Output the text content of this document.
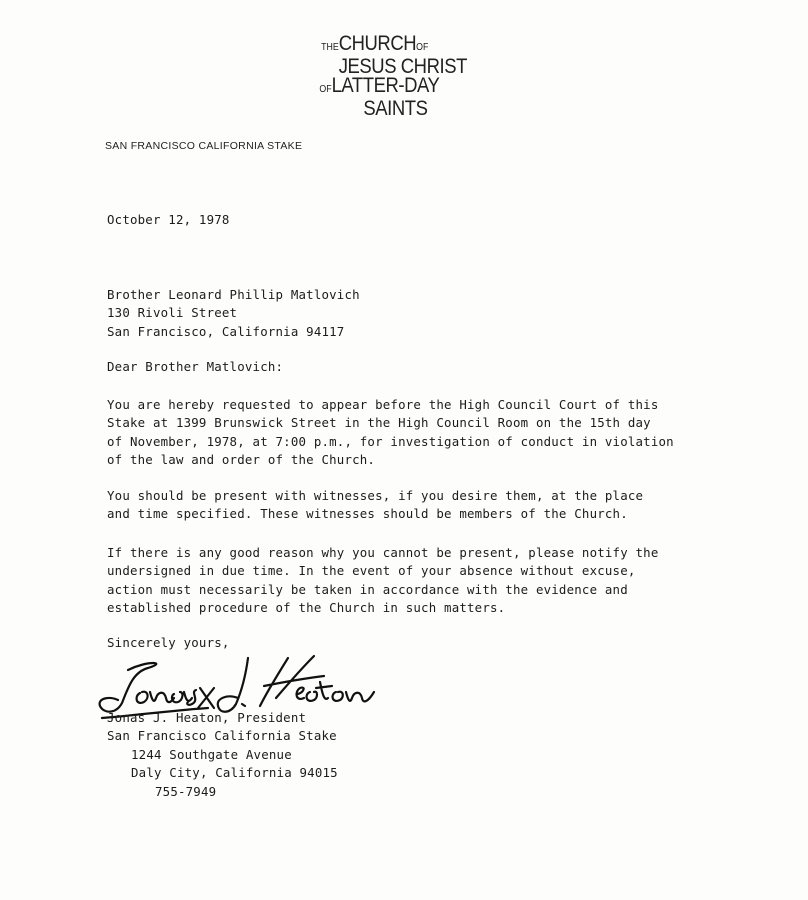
THECHURCHOF
JESUS CHRIST
OFLATTER-DAY
SAINTS
SAN FRANCISCO CALIFORNIA STAKE
October 12, 1978
Brother Leonard Phillip Matlovich
130 Rivoli Street
San Francisco, California 94117
Dear Brother Matlovich:
You are hereby requested to appear before the High Council Court of this
Stake at 1399 Brunswick Street in the High Council Room on the 15th day
of November, 1978, at 7:00 p.m., for investigation of conduct in violation
of the law and order of the Church.
You should be present with witnesses, if you desire them, at the place
and time specified. These witnesses should be members of the Church.
If there is any good reason why you cannot be present, please notify the
undersigned in due time. In the event of your absence without excuse,
action must necessarily be taken in accordance with the evidence and
established procedure of the Church in such matters.
Sincerely yours,
Jonas J. Heaton, President
San Francisco California Stake
1244 Southgate Avenue
Daly City, California 94015
755-7949
